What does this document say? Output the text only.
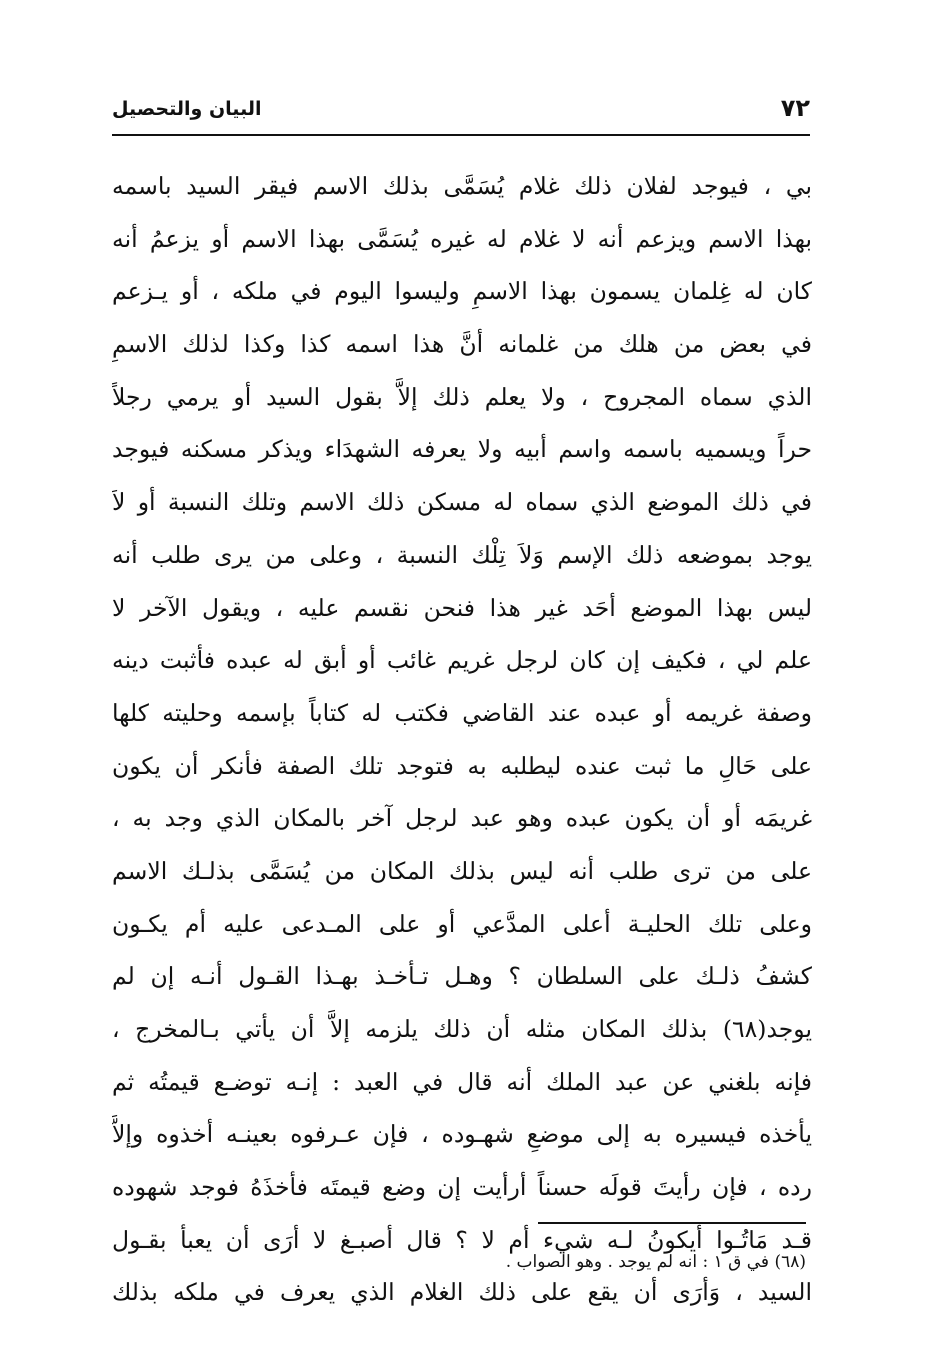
٧٢
البيان والتحصيل
بي ، فيوجد لفلان ذلك غلام يُسَمَّى بذلك الاسم فيقر السيد باسمه
بهذا الاسم ويزعم أنه لا غلام له غيره يُسَمَّى بهذا الاسم أو يزعمُ أنه
كان له غِلمان يسمون بهذا الاسمِ وليسوا اليوم في ملكه ، أو يـزعم
في بعض من هلك من غلمانه أنَّ هذا اسمه كذا وكذا لذلك الاسمِ
الذي سماه المجروح ، ولا يعلم ذلك إلاَّ بقول السيد أو يرمي رجلاً
حراً ويسميه باسمه واسم أبيه ولا يعرفه الشهدَاء ويذكر مسكنه فيوجد
في ذلك الموضع الذي سماه له مسكن ذلك الاسم وتلك النسبة أو لاَ
يوجد بموضعه ذلك الإسم وَلاَ تِلْك النسبة ، وعلى من يرى طلب أنه
ليس بهذا الموضع أحَد غير هذا فنحن نقسم عليه ، ويقول الآخر لا
علم لي ، فكيف إن كان لرجل غريم غائب أو أبق له عبده فأثبت دينه
وصفة غريمه أو عبده عند القاضي فكتب له كتاباً بإسمه وحليته كلها
على حَالِ ما ثبت عنده ليطلبه به فتوجد تلك الصفة فأنكر أن يكون
غريمَه أو أن يكون عبده وهو عبد لرجل آخر بالمكان الذي وجد به ،
على من ترى طلب أنه ليس بذلك المكان من يُسَمَّى بذلـك الاسم
وعلى تلك الحليـة أعلى المدَّعي أو على المـدعى عليه أم يكـون
كشفُ ذلـك على السلطان ؟ وهـل تـأخـذ بهـذا القـول أنـه إن لم
يوجد(٦٨) بذلك المكان مثله أن ذلك يلزمه إلاَّ أن يأتي بـالمخرج ،
فإنه بلغني عن عبد الملك أنه قال في العبد : إنـه توضـع قيمتُه ثم
يأخذه فيسيره به إلى موضعِ شهـوده ، فإن عـرفوه بعينـه أخذوه وإلاَّ
رده ، فإن رأيتَ قولَه حسناً أرأيت إن وضع قيمتَه فأخذَهُ فوجد شهوده
قـد مَاتُـوا أيكونُ لـه شيء أم لا ؟ قال أصبـغ لا أرَى أن يعبأ بقـول
السيد ، وَأرَى أن يقع على ذلك الغلام الذي يعرف في ملكه بذلك
(٦٨) في ق ١ : انه لم يوجد . وهو الصواب .
